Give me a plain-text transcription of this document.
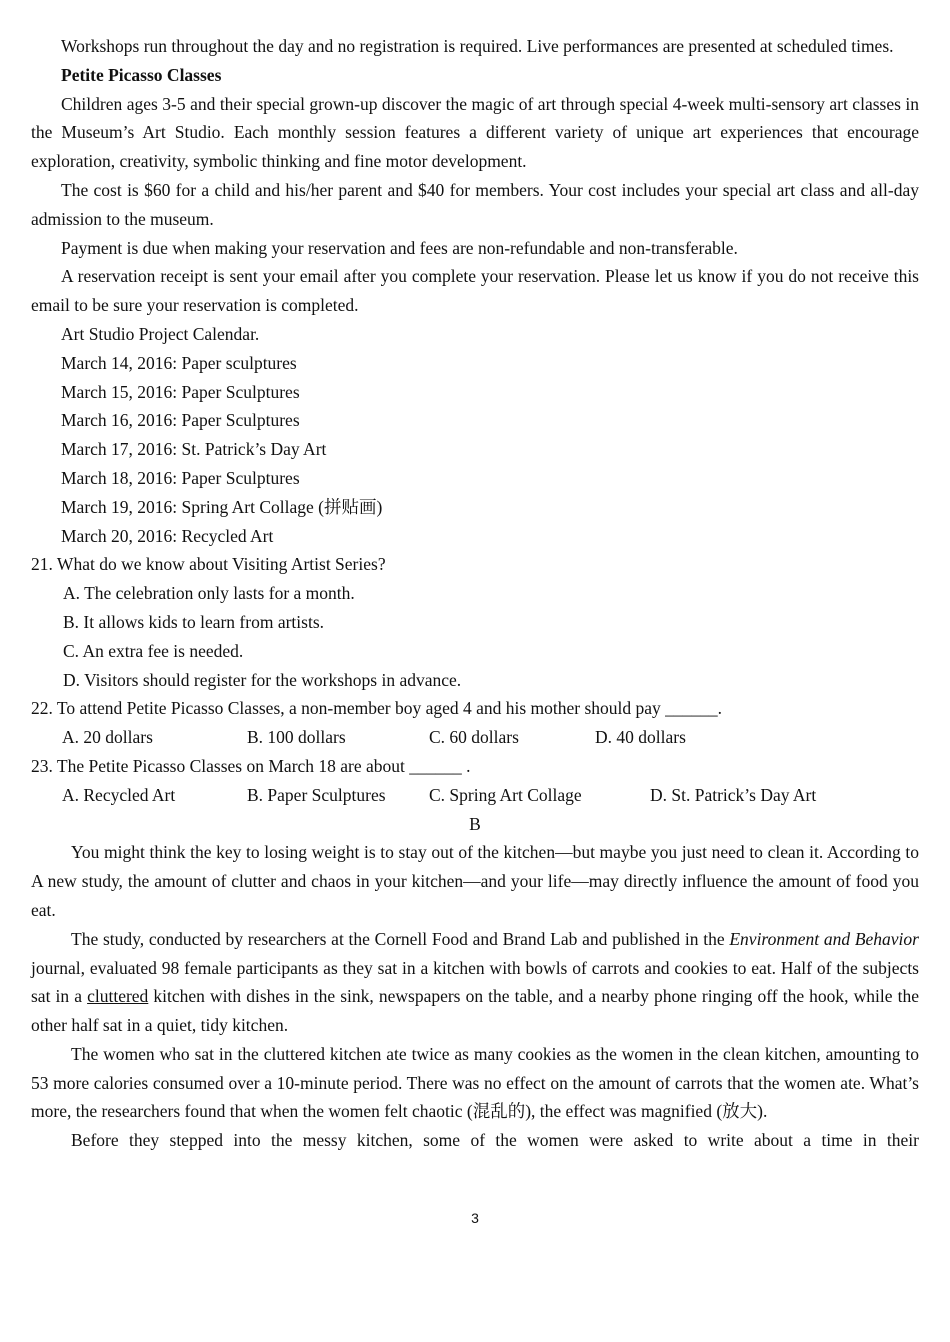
Workshops run throughout the day and no registration is required. Live performances are presented at scheduled times.

Petite Picasso Classes

Children ages 3-5 and their special grown-up discover the magic of art through special 4-week multi-sensory art classes in the Museum’s Art Studio. Each monthly session features a different variety of unique art experiences that encourage exploration, creativity, symbolic thinking and fine motor development.

The cost is $60 for a child and his/her parent and $40 for members. Your cost includes your special art class and all-day admission to the museum.

Payment is due when making your reservation and fees are non-refundable and non-transferable.

A reservation receipt is sent your email after you complete your reservation. Please let us know if you do not receive this email to be sure your reservation is completed.

Art Studio Project Calendar.

March 14, 2016: Paper sculptures

March 15, 2016: Paper Sculptures

March 16, 2016: Paper Sculptures

March 17, 2016: St. Patrick’s Day Art

March 18, 2016: Paper Sculptures

March 19, 2016: Spring Art Collage (拼贴画)

March 20, 2016: Recycled Art

21. What do we know about Visiting Artist Series?

A. The celebration only lasts for a month.

B. It allows kids to learn from artists.

C. An extra fee is needed.

D. Visitors should register for the workshops in advance.

22. To attend Petite Picasso Classes, a non-member boy aged 4 and his mother should pay ______.

A. 20 dollars	B. 100 dollars	C. 60 dollars	D. 40 dollars

23. The Petite Picasso Classes on March 18 are about ______ .

A. Recycled Art	B. Paper Sculptures C. Spring Art Collage	D. St. Patrick’s Day Art

B

You might think the key to losing weight is to stay out of the kitchen—but maybe you just need to clean it. According to A new study, the amount of clutter and chaos in your kitchen—and your life—may directly influence the amount of food you eat.

The study, conducted by researchers at the Cornell Food and Brand Lab and published in the Environment and Behavior journal, evaluated 98 female participants as they sat in a kitchen with bowls of carrots and cookies to eat. Half of the subjects sat in a cluttered kitchen with dishes in the sink, newspapers on the table, and a nearby phone ringing off the hook, while the other half sat in a quiet, tidy kitchen.

The women who sat in the cluttered kitchen ate twice as many cookies as the women in the clean kitchen, amounting to 53 more calories consumed over a 10-minute period. There was no effect on the amount of carrots that the women ate. What’s more, the researchers found that when the women felt chaotic (混乱的), the effect was magnified (放大).

Before they stepped into the messy kitchen, some of the women were asked to write about a time in their

3
